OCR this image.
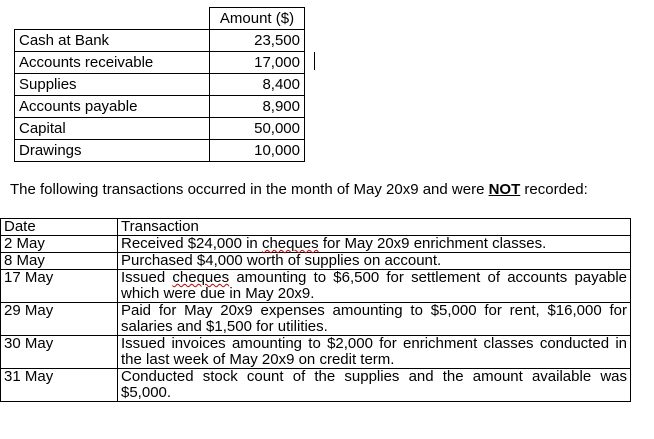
	Amount ($)
Cash at Bank	23,500
Accounts receivable	17,000
Supplies	8,400
Accounts payable	8,900
Capital	50,000
Drawings	10,000
The following transactions occurred in the month of May 20x9 and were NOT recorded:
Date	Transaction
2 May	Received $24,000 in cheques for May 20x9 enrichment classes.
8 May	Purchased $4,000 worth of supplies on account.
17 May	Issued cheques amounting to $6,500 for settlement of accounts payable which were due in May 20x9.
29 May	Paid for May 20x9 expenses amounting to $5,000 for rent, $16,000 for salaries and $1,500 for utilities.
30 May	Issued invoices amounting to $2,000 for enrichment classes conducted in the last week of May 20x9 on credit term.
31 May	Conducted stock count of the supplies and the amount available was $5,000.
